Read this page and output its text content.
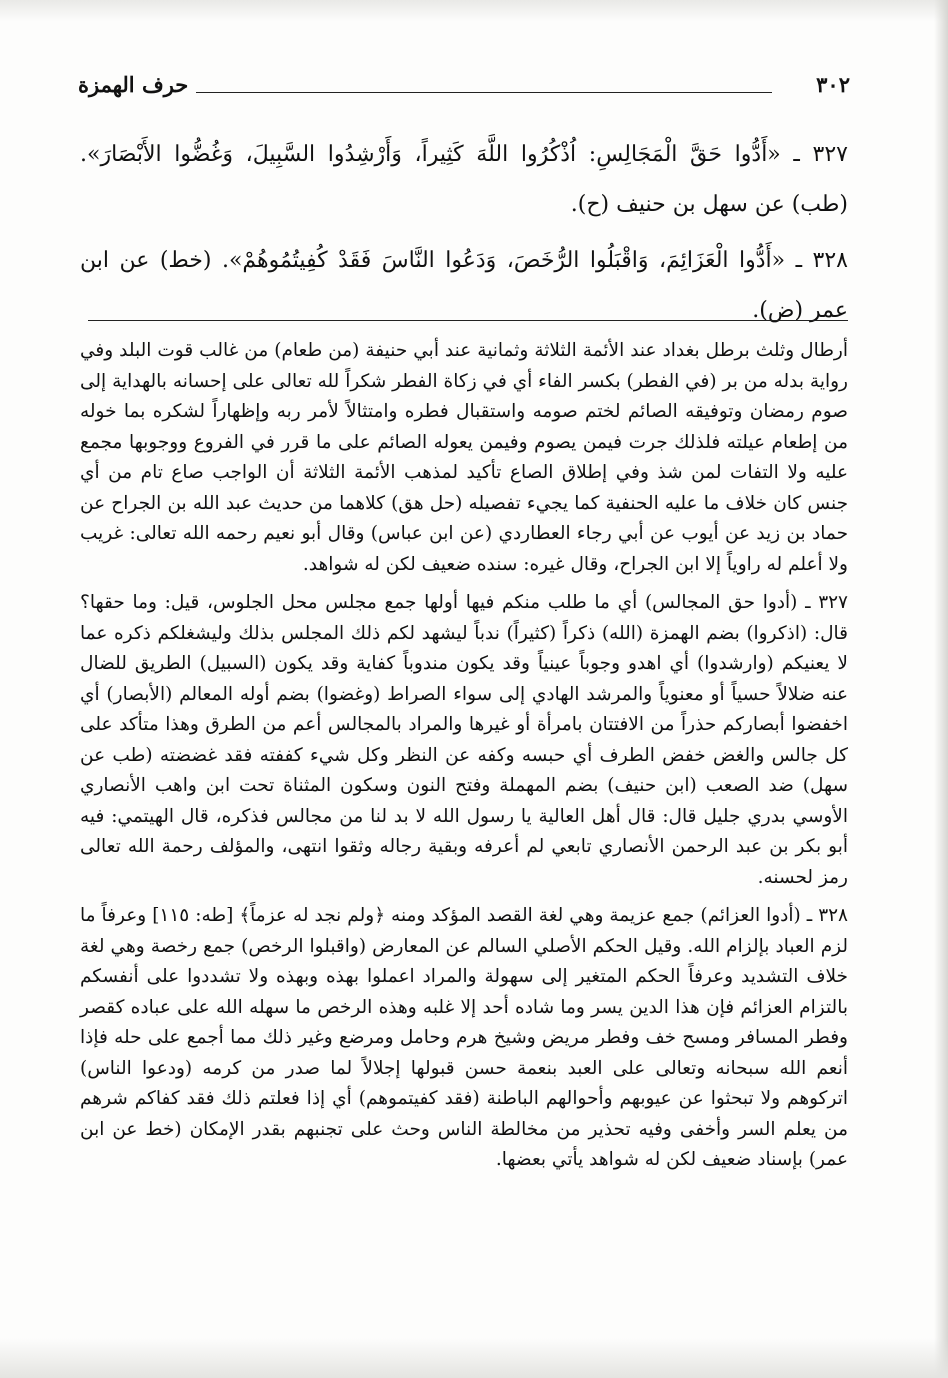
٣٠٢
حرف الهمزة

٣٢٧ ـ «أَدُّوا حَقَّ الْمَجَالِسِ: اُذْكُرُوا اللَّهَ كَثِيراً، وَأَرْشِدُوا السَّبِيلَ، وَغُضُّوا الأَبْصَارَ». (طب) عن سهل بن حنيف (ح).

٣٢٨ ـ «أَدُّوا الْعَزَائِمَ، وَاقْبَلُوا الرُّخَصَ، وَدَعُوا النَّاسَ فَقَدْ كُفِيتُمُوهُمْ». (خط) عن ابن عمر (ض).

أرطال وثلث برطل بغداد عند الأئمة الثلاثة وثمانية عند أبي حنيفة (من طعام) من غالب قوت البلد وفي رواية بدله من بر (في الفطر) بكسر الفاء أي في زكاة الفطر شكراً لله تعالى على إحسانه بالهداية إلى صوم رمضان وتوفيقه الصائم لختم صومه واستقبال فطره وامتثالاً لأمر ربه وإظهاراً لشكره بما خوله من إطعام عيلته فلذلك جرت فيمن يصوم وفيمن يعوله الصائم على ما قرر في الفروع ووجوبها مجمع عليه ولا التفات لمن شذ وفي إطلاق الصاع تأكيد لمذهب الأئمة الثلاثة أن الواجب صاع تام من أي جنس كان خلاف ما عليه الحنفية كما يجيء تفصيله (حل هق) كلاهما من حديث عبد الله بن الجراح عن حماد بن زيد عن أيوب عن أبي رجاء العطاردي (عن ابن عباس) وقال أبو نعيم رحمه الله تعالى: غريب ولا أعلم له راوياً إلا ابن الجراح، وقال غيره: سنده ضعيف لكن له شواهد.

٣٢٧ ـ (أدوا حق المجالس) أي ما طلب منكم فيها أولها جمع مجلس محل الجلوس، قيل: وما حقها؟ قال: (اذكروا) بضم الهمزة (الله) ذكراً (كثيراً) ندباً ليشهد لكم ذلك المجلس بذلك وليشغلكم ذكره عما لا يعنيكم (وارشدوا) أي اهدو وجوباً عينياً وقد يكون مندوباً كفاية وقد يكون (السبيل) الطريق للضال عنه ضلالاً حسياً أو معنوياً والمرشد الهادي إلى سواء الصراط (وغضوا) بضم أوله المعالم (الأبصار) أي اخفضوا أبصاركم حذراً من الافتتان بامرأة أو غيرها والمراد بالمجالس أعم من الطرق وهذا متأكد على كل جالس والغض خفض الطرف أي حبسه وكفه عن النظر وكل شيء كففته فقد غضضته (طب عن سهل) ضد الصعب (ابن حنيف) بضم المهملة وفتح النون وسكون المثناة تحت ابن واهب الأنصاري الأوسي بدري جليل قال: قال أهل العالية يا رسول الله لا بد لنا من مجالس فذكره، قال الهيتمي: فيه أبو بكر بن عبد الرحمن الأنصاري تابعي لم أعرفه وبقية رجاله وثقوا انتهى، والمؤلف رحمة الله تعالى رمز لحسنه.

٣٢٨ ـ (أدوا العزائم) جمع عزيمة وهي لغة القصد المؤكد ومنه ﴿ولم نجد له عزماً﴾ [طه: ١١٥] وعرفاً ما لزم العباد بإلزام الله. وقيل الحكم الأصلي السالم عن المعارض (واقبلوا الرخص) جمع رخصة وهي لغة خلاف التشديد وعرفاً الحكم المتغير إلى سهولة والمراد اعملوا بهذه وبهذه ولا تشددوا على أنفسكم بالتزام العزائم فإن هذا الدين يسر وما شاده أحد إلا غلبه وهذه الرخص ما سهله الله على عباده كقصر وفطر المسافر ومسح خف وفطر مريض وشيخ هرم وحامل ومرضع وغير ذلك مما أجمع على حله فإذا أنعم الله سبحانه وتعالى على العبد بنعمة حسن قبولها إجلالاً لما صدر من كرمه (ودعوا الناس) اتركوهم ولا تبحثوا عن عيوبهم وأحوالهم الباطنة (فقد كفيتموهم) أي إذا فعلتم ذلك فقد كفاكم شرهم من يعلم السر وأخفى وفيه تحذير من مخالطة الناس وحث على تجنبهم بقدر الإمكان (خط عن ابن عمر) بإسناد ضعيف لكن له شواهد يأتي بعضها.
